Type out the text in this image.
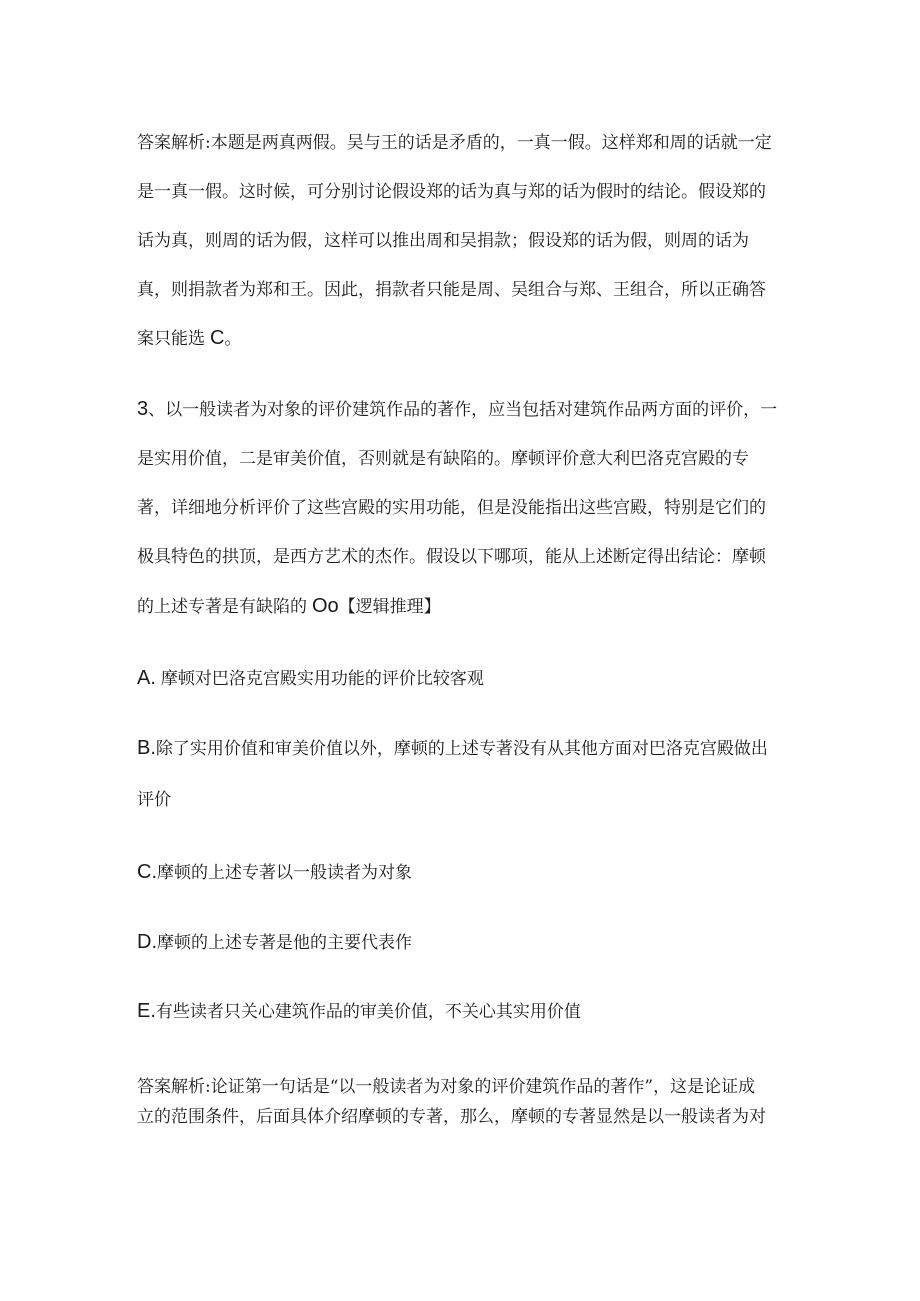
答案解析:本题是两真两假。吴与王的话是矛盾的，一真一假。这样郑和周的话就一定
是一真一假。这时候，可分别讨论假设郑的话为真与郑的话为假时的结论。假设郑的
话为真，则周的话为假，这样可以推出周和吴捐款；假设郑的话为假，则周的话为
真，则捐款者为郑和王。因此，捐款者只能是周、吴组合与郑、王组合，所以正确答
案只能选 C。
3、以一般读者为对象的评价建筑作品的著作，应当包括对建筑作品两方面的评价，一
是实用价值，二是审美价值，否则就是有缺陷的。摩顿评价意大利巴洛克宫殿的专
著，详细地分析评价了这些宫殿的实用功能，但是没能指出这些宫殿，特别是它们的
极具特色的拱顶，是西方艺术的杰作。假设以下哪项，能从上述断定得出结论：摩顿
的上述专著是有缺陷的 Oo【逻辑推理】
A. 摩顿对巴洛克宫殿实用功能的评价比较客观
B.除了实用价值和审美价值以外，摩顿的上述专著没有从其他方面对巴洛克宫殿做出
评价
C.摩顿的上述专著以一般读者为对象
D.摩顿的上述专著是他的主要代表作
E.有些读者只关心建筑作品的审美价值，不关心其实用价值
答案解析:论证第一句话是“以一般读者为对象的评价建筑作品的著作”，这是论证成
立的范围条件，后面具体介绍摩顿的专著，那么，摩顿的专著显然是以一般读者为对
